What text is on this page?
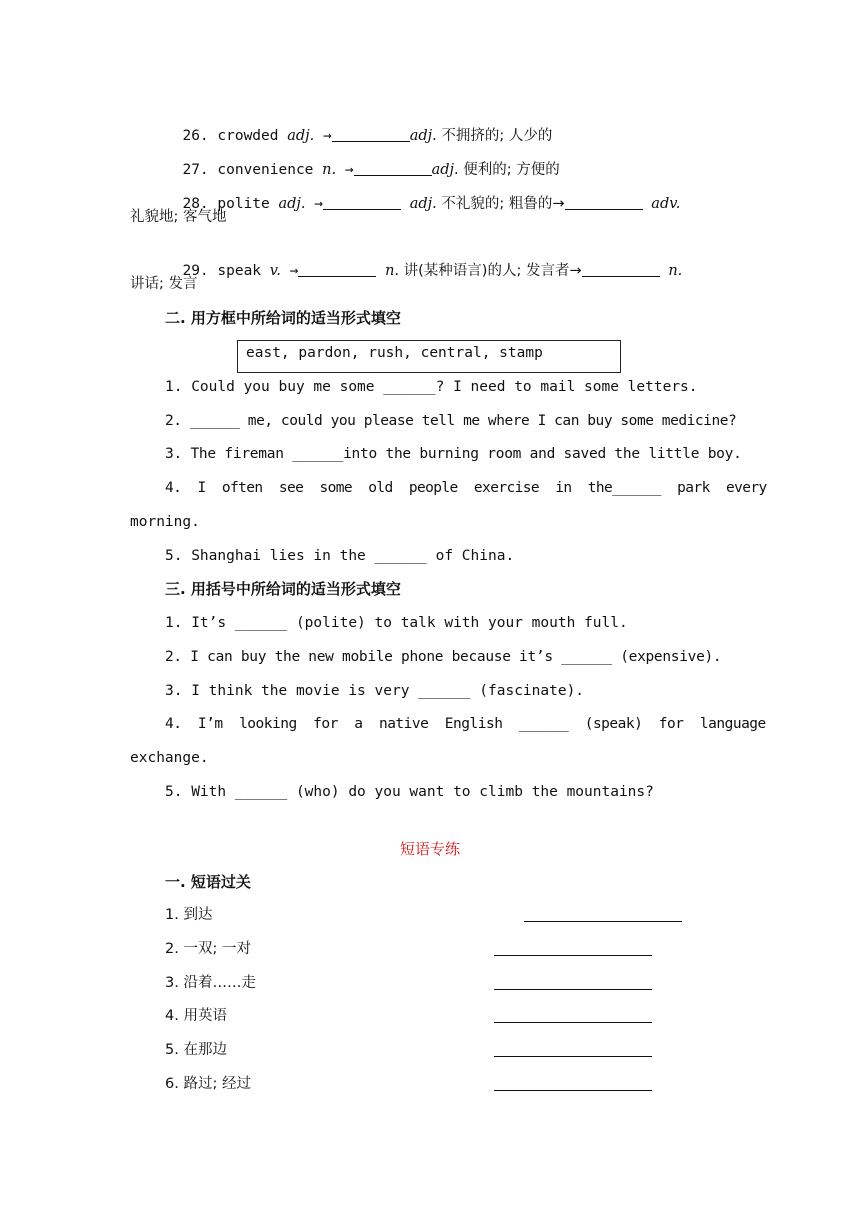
26. crowded adj. →	adj. 不拥挤的; 人少的

27. convenience n. →	adj. 便利的; 方便的

28. polite adj. →	adj. 不礼貌的; 粗鲁的→	adv.

礼貌地; 客气地

29. speak v. →	n. 讲(某种语言)的人; 发言者→	n.

讲话; 发言
二. 用方框中所给词的适当形式填空
east, pardon, rush, central, stamp
1. Could you buy me some ______? I need to mail some letters.
2. ______ me, could you please tell me where I can buy some medicine?
3. The fireman ______into the burning room and saved the little boy.
4.  I  often  see  some  old  people  exercise  in  the______  park  every
morning.
5. Shanghai lies in the ______ of China.
三. 用括号中所给词的适当形式填空
1. It’s ______ (polite) to talk with your mouth full.
2. I can buy the new mobile phone because it’s ______ (expensive).
3. I think the movie is very ______ (fascinate).
4.  I’m  looking  for  a  native  English  ______  (speak)  for  language
exchange.
5. With ______ (who) do you want to climb the mountains?
短语专练
一. 短语过关
1. 到达
2. 一双; 一对
3. 沿着……走
4. 用英语
5. 在那边
6. 路过; 经过
